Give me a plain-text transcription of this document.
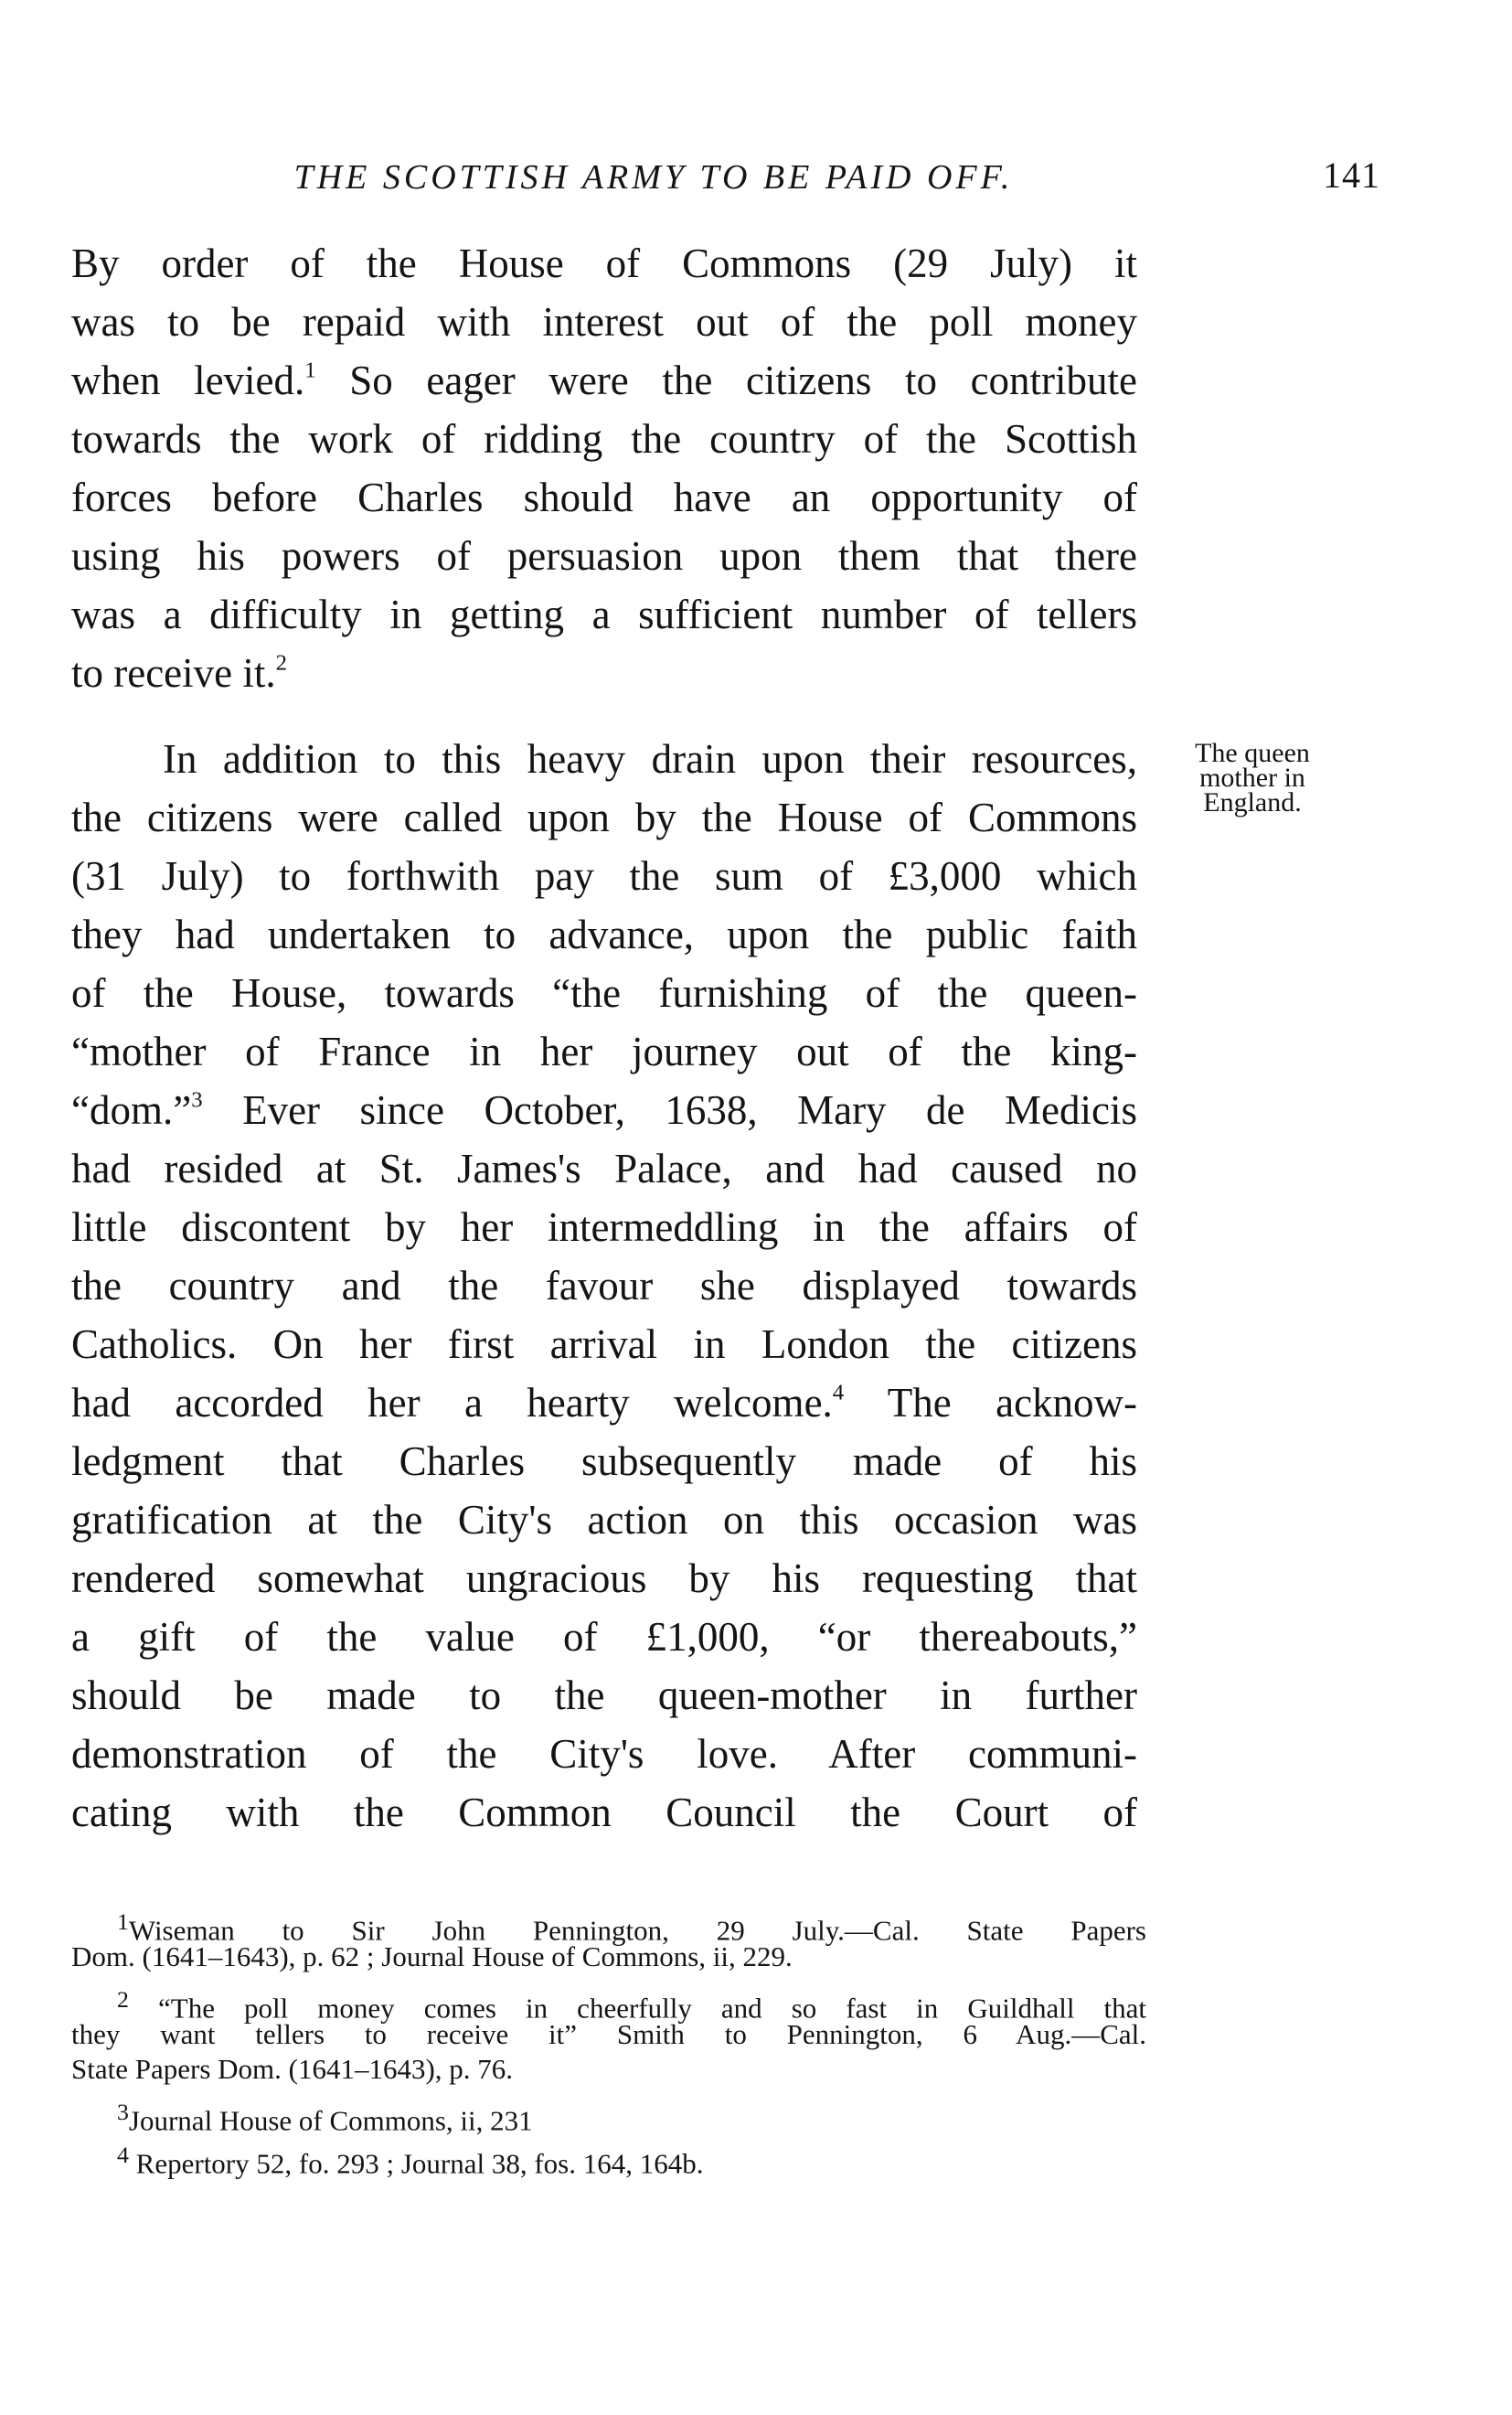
THE SCOTTISH ARMY TO BE PAID OFF.	141
By order of the House of Commons (29 July) it
was to be repaid with interest out of the poll money
when levied.$^1$ So eager were the citizens to contribute
towards the work of ridding the country of the Scottish
forces before Charles should have an opportunity of
using his powers of persuasion upon them that there
was a difficulty in getting a sufficient number of tellers
to receive it.$^2$
In addition to this heavy drain upon their resources,
the citizens were called upon by the House of Commons
(31 July) to forthwith pay the sum of £3,000 which
they had undertaken to advance, upon the public faith
of the House, towards “the furnishing of the queen-
“mother of France in her journey out of the king-
“dom.”$^3$ Ever since October, 1638, Mary de Medicis
had resided at St. James's Palace, and had caused no
little discontent by her intermeddling in the affairs of
the country and the favour she displayed towards
Catholics. On her first arrival in London the citizens
had accorded her a hearty welcome.$^4$ The acknow-
ledgment that Charles subsequently made of his
gratification at the City's action on this occasion was
rendered somewhat ungracious by his requesting that
a gift of the value of £1,000, “or thereabouts,”
should be made to the queen-mother in further
demonstration of the City's love. After communi-
cating with the Common Council the Court of
The queen
mother in
England.
$^1$Wiseman to Sir John Pennington, 29 July.—Cal. State Papers
Dom. (1641–1643), p. 62 ; Journal House of Commons, ii, 229.
$^2$ “The poll money comes in cheerfully and so fast in Guildhall that
they want tellers to receive it” Smith to Pennington, 6 Aug.—Cal.
State Papers Dom. (1641–1643), p. 76.
$^3$Journal House of Commons, ii, 231
$^4$ Repertory 52, fo. 293 ; Journal 38, fos. 164, 164b.
